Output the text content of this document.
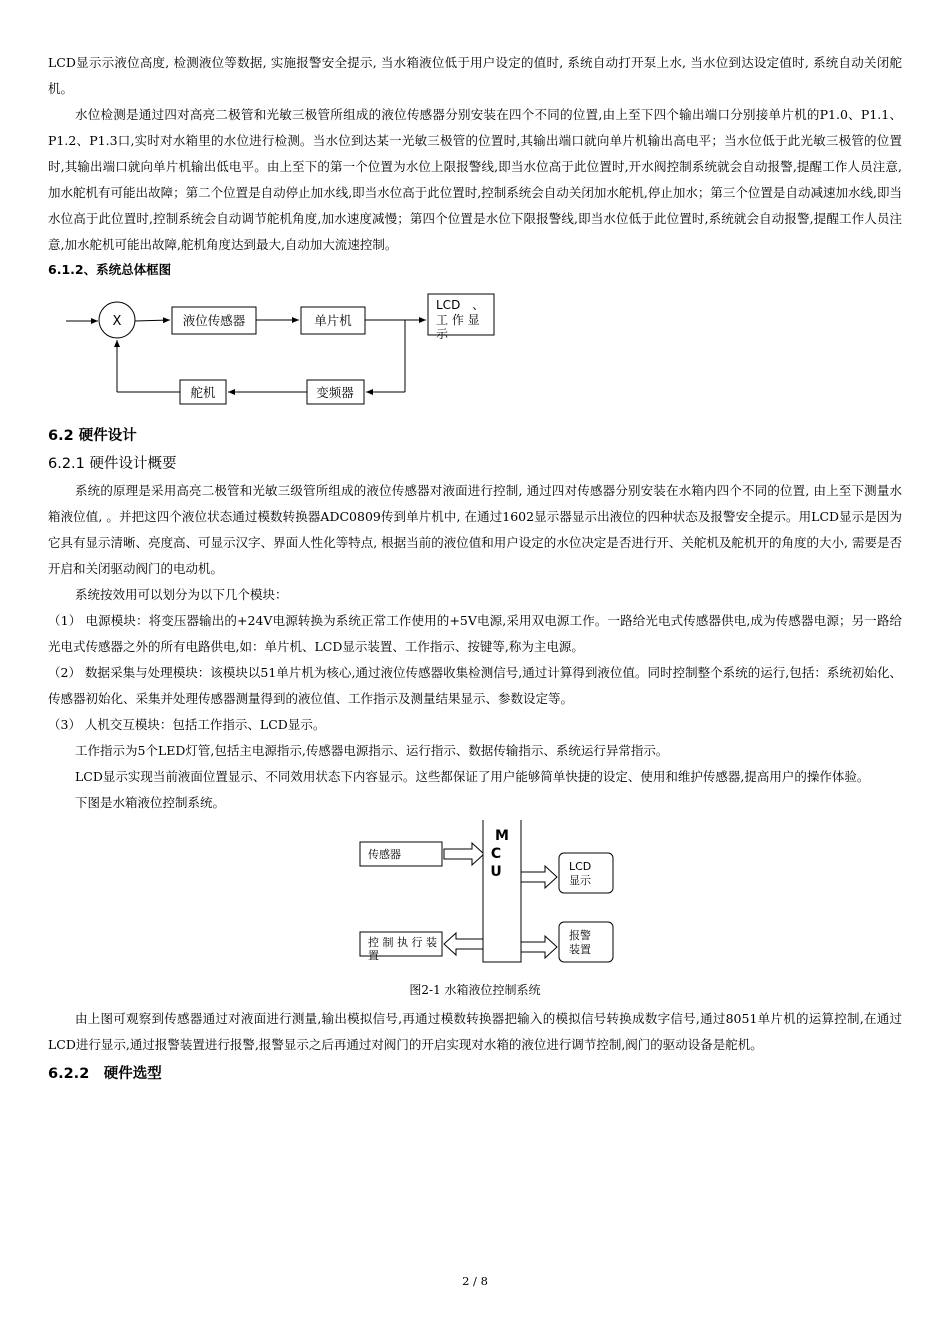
LCD显示示液位高度, 检测液位等数据, 实施报警安全提示, 当水箱液位低于用户设定的值时, 系统自动打开泵上水, 当水位到达设定值时, 系统自动关闭舵机。

水位检测是通过四对高亮二极管和光敏三极管所组成的液位传感器分别安装在四个不同的位置,由上至下四个输出端口分别接单片机的P1.0、P1.1、P1.2、P1.3口,实时对水箱里的水位进行检测。当水位到达某一光敏三极管的位置时,其输出端口就向单片机输出高电平；当水位低于此光敏三极管的位置时,其输出端口就向单片机输出低电平。由上至下的第一个位置为水位上限报警线,即当水位高于此位置时,开水阀控制系统就会自动报警,提醒工作人员注意,加水舵机有可能出故障；第二个位置是自动停止加水线,即当水位高于此位置时,控制系统会自动关闭加水舵机,停止加水；第三个位置是自动减速加水线,即当水位高于此位置时,控制系统会自动调节舵机角度,加水速度减慢；第四个位置是水位下限报警线,即当水位低于此位置时,系统就会自动报警,提醒工作人员注意,加水舵机可能出故障,舵机角度达到最大,自动加大流速控制。

6.1.2、系统总体框图

X	液位传感器	单片机
LCD　、
工 作 显
示
变频器
舵机

6.2 硬件设计

6.2.1 硬件设计概要

系统的原理是采用高亮二极管和光敏三级管所组成的液位传感器对液面进行控制, 通过四对传感器分别安装在水箱内四个不同的位置, 由上至下测量水箱液位值, 。并把这四个液位状态通过模数转换器ADC0809传到单片机中, 在通过1602显示器显示出液位的四种状态及报警安全提示。用LCD显示是因为它具有显示清晰、亮度高、可显示汉字、界面人性化等特点, 根据当前的液位值和用户设定的水位决定是否进行开、关舵机及舵机开的角度的大小, 需要是否开启和关闭驱动阀门的电动机。

系统按效用可以划分为以下几个模块：

（1） 电源模块：将变压器输出的+24V电源转换为系统正常工作使用的+5V电源,采用双电源工作。一路给光电式传感器供电,成为传感器电源；另一路给光电式传感器之外的所有电路供电,如：单片机、LCD显示装置、工作指示、按键等,称为主电源。

（2） 数据采集与处理模块：该模块以51单片机为核心,通过液位传感器收集检测信号,通过计算得到液位值。同时控制整个系统的运行,包括：系统初始化、传感器初始化、采集并处理传感器测量得到的液位值、工作指示及测量结果显示、参数设定等。

（3） 人机交互模块：包括工作指示、LCD显示。

工作指示为5个LED灯管,包括主电源指示,传感器电源指示、运行指示、数据传输指示、系统运行异常指示。

LCD显示实现当前液面位置显示、不同效用状态下内容显示。这些都保证了用户能够简单快捷的设定、使用和维护传感器,提高用户的操作体验。

下图是水箱液位控制系统。

传感器
M
C
U	LCD
显示
报警
装置
控 制 执 行 装
置

图2-1 水箱液位控制系统

由上图可观察到传感器通过对液面进行测量,输出模拟信号,再通过模数转换器把输入的模拟信号转换成数字信号,通过8051单片机的运算控制,在通过LCD进行显示,通过报警装置进行报警,报警显示之后再通过对阀门的开启实现对水箱的液位进行调节控制,阀门的驱动设备是舵机。

6.2.2　硬件选型

2 / 8
